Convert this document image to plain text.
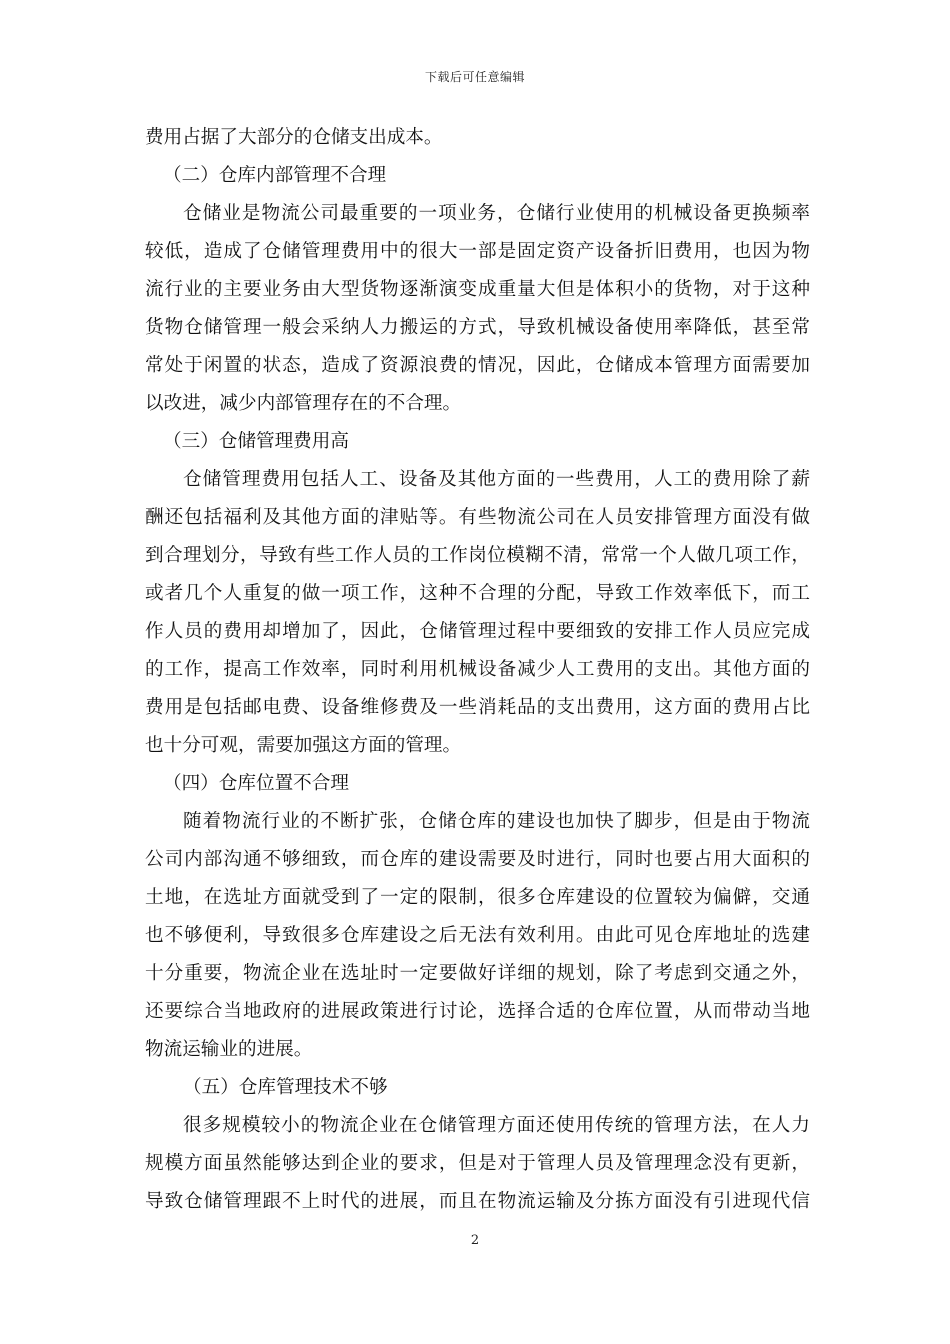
下载后可任意编辑
费用占据了大部分的仓储支出成本。
（二）仓库内部管理不合理
仓储业是物流公司最重要的一项业务，仓储行业使用的机械设备更换频率
较低，造成了仓储管理费用中的很大一部是固定资产设备折旧费用，也因为物
流行业的主要业务由大型货物逐渐演变成重量大但是体积小的货物，对于这种
货物仓储管理一般会采纳人力搬运的方式，导致机械设备使用率降低，甚至常
常处于闲置的状态，造成了资源浪费的情况，因此，仓储成本管理方面需要加
以改进，减少内部管理存在的不合理。
（三）仓储管理费用高
仓储管理费用包括人工、设备及其他方面的一些费用，人工的费用除了薪
酬还包括福利及其他方面的津贴等。有些物流公司在人员安排管理方面没有做
到合理划分，导致有些工作人员的工作岗位模糊不清，常常一个人做几项工作，
或者几个人重复的做一项工作，这种不合理的分配，导致工作效率低下，而工
作人员的费用却增加了，因此，仓储管理过程中要细致的安排工作人员应完成
的工作，提高工作效率，同时利用机械设备减少人工费用的支出。其他方面的
费用是包括邮电费、设备维修费及一些消耗品的支出费用，这方面的费用占比
也十分可观，需要加强这方面的管理。
（四）仓库位置不合理
随着物流行业的不断扩张，仓储仓库的建设也加快了脚步，但是由于物流
公司内部沟通不够细致，而仓库的建设需要及时进行，同时也要占用大面积的
土地，在选址方面就受到了一定的限制，很多仓库建设的位置较为偏僻，交通
也不够便利，导致很多仓库建设之后无法有效利用。由此可见仓库地址的选建
十分重要，物流企业在选址时一定要做好详细的规划，除了考虑到交通之外，
还要综合当地政府的进展政策进行讨论，选择合适的仓库位置，从而带动当地
物流运输业的进展。
（五）仓库管理技术不够
很多规模较小的物流企业在仓储管理方面还使用传统的管理方法，在人力
规模方面虽然能够达到企业的要求，但是对于管理人员及管理理念没有更新，
导致仓储管理跟不上时代的进展，而且在物流运输及分拣方面没有引进现代信
2
